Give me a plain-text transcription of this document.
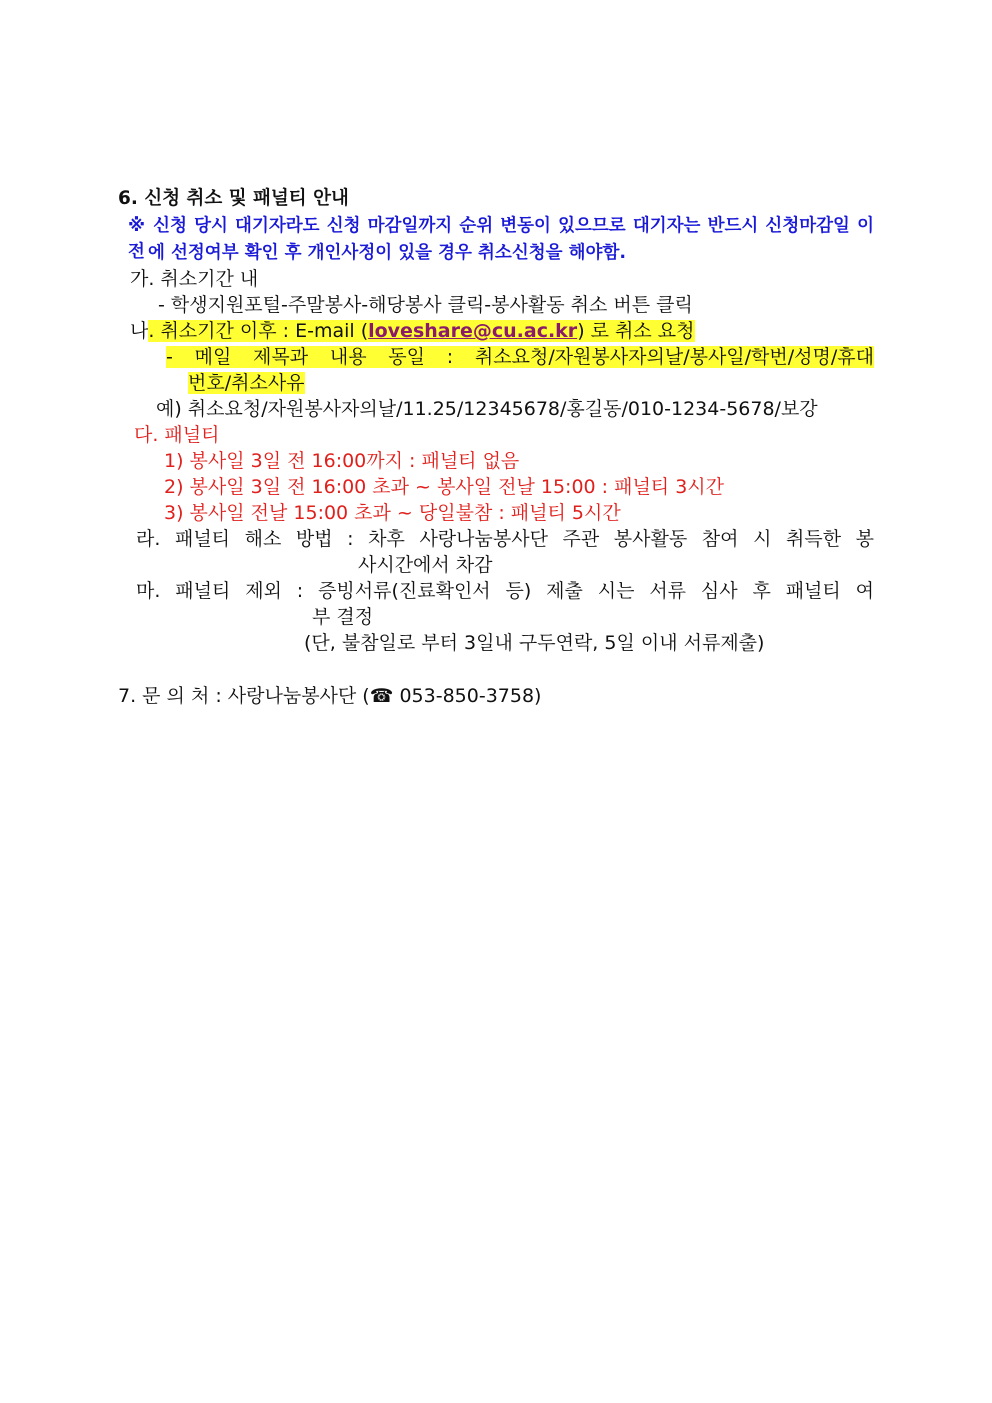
6. 신청 취소 및 패널티 안내
※ 신청 당시 대기자라도 신청 마감일까지 순위 변동이 있으므로 대기자는 반드시 신청마감일 이전 에 선정여부 확인 후 개인사정이 있을 경우 취소신청을 해야함.
가. 취소기간 내
- 학생지원포털-주말봉사-해당봉사 클릭-봉사활동 취소 버튼 클릭
나. 취소기간 이후 : E-mail (loveshare@cu.ac.kr) 로 취소 요청
- 메일 제목과 내용 동일 : 취소요청/자원봉사자의날/봉사일/학번/성명/휴대
번호/취소사유
예) 취소요청/자원봉사자의날/11.25/12345678/홍길동/010-1234-5678/보강
다. 패널티
1) 봉사일 3일 전 16:00까지 : 패널티 없음
2) 봉사일 3일 전 16:00 초과 ~ 봉사일 전날 15:00 : 패널티 3시간
3) 봉사일 전날 15:00 초과 ~ 당일불참 : 패널티 5시간
라. 패널티 해소 방법 : 차후 사랑나눔봉사단 주관 봉사활동 참여 시 취득한 봉
사시간에서 차감
마. 패널티 제외 : 증빙서류(진료확인서 등) 제출 시는 서류 심사 후 패널티 여
부 결정
(단, 불참일로 부터 3일내 구두연락, 5일 이내 서류제출)
7. 문 의 처 : 사랑나눔봉사단 (☎ 053-850-3758)
